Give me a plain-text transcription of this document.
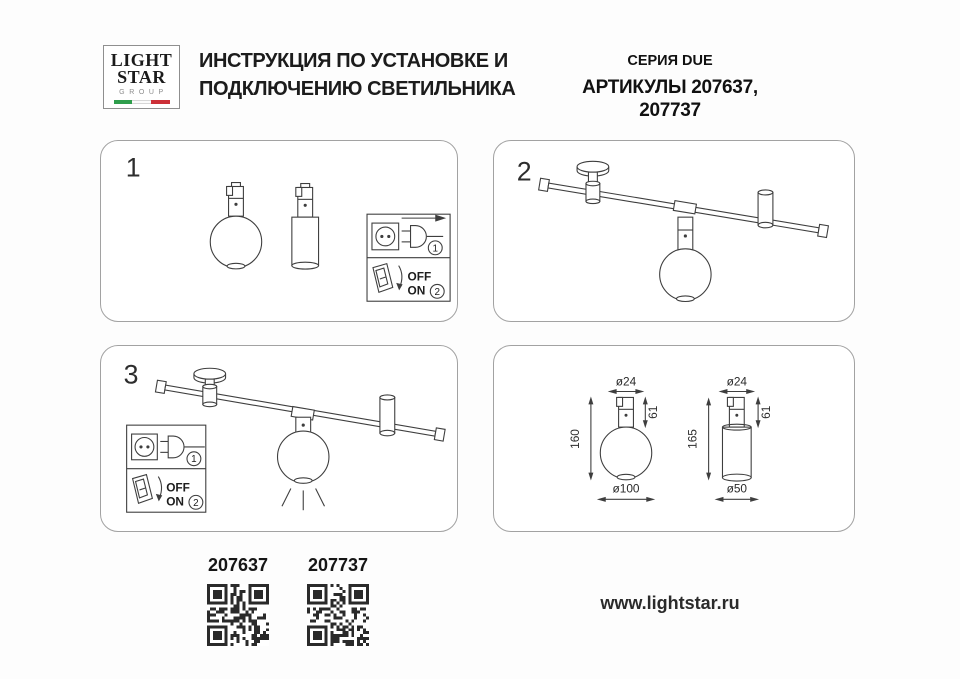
LIGHT
STAR
GROUP
ИНСТРУКЦИЯ ПО УСТАНОВКЕ И
ПОДКЛЮЧЕНИЮ СВЕТИЛЬНИКА
СЕРИЯ DUE
АРТИКУЛЫ 207637,
207737
1
1
OFF
ON 2
2
3
1
OFF
ON 2
ø24
160
61
ø100
ø24
165
61
ø50
207637 207737
www.lightstar.ru
